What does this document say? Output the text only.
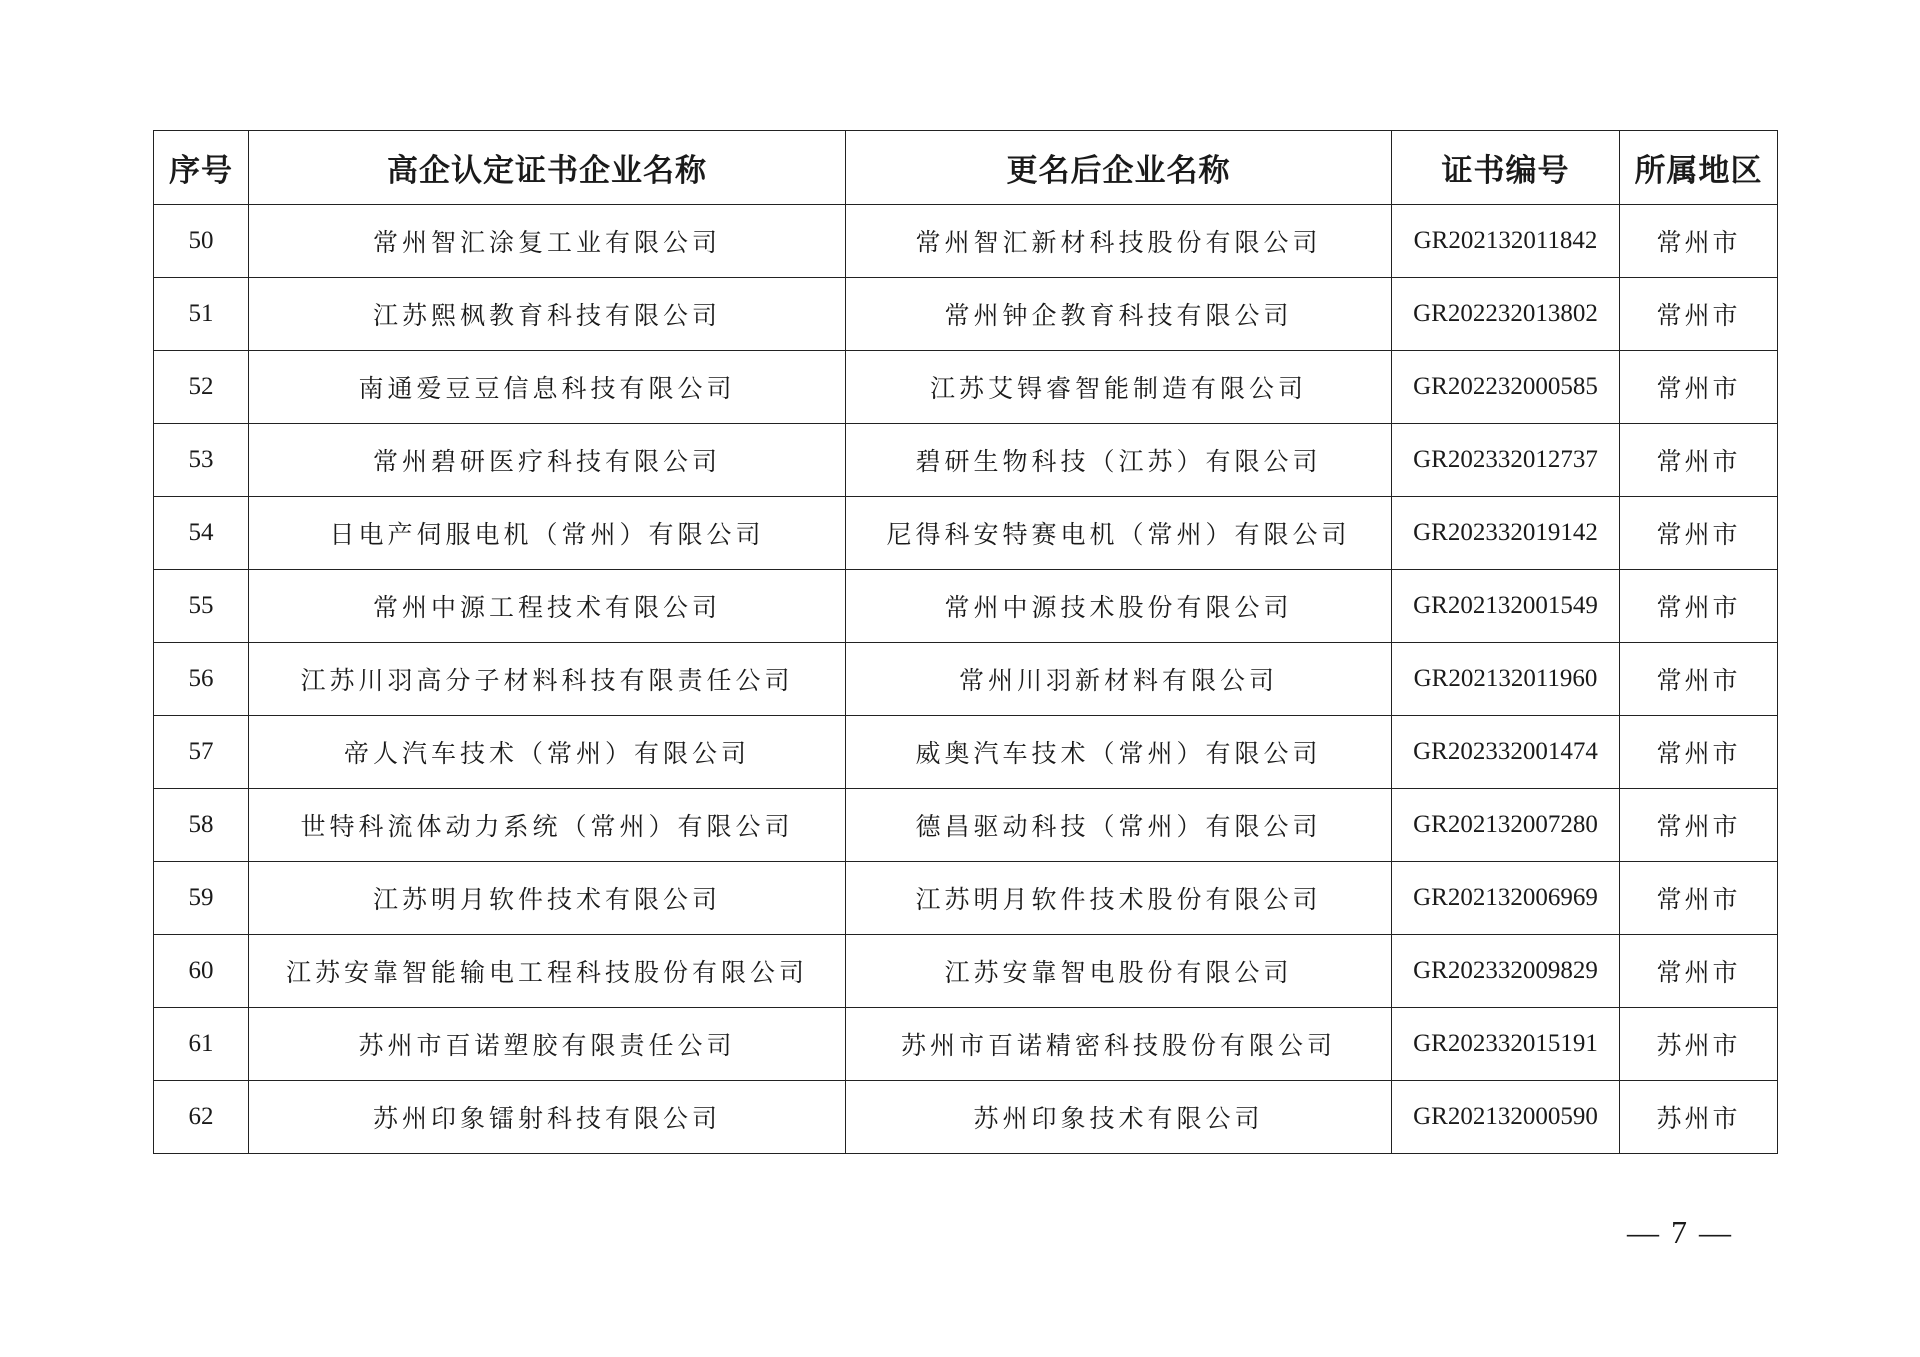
序号	高企认定证书企业名称	更名后企业名称	证书编号	所属地区
50	常州智汇涂复工业有限公司	常州智汇新材科技股份有限公司	GR202132011842	常州市
51	江苏熙枫教育科技有限公司	常州钟企教育科技有限公司	GR202232013802	常州市
52	南通爱豆豆信息科技有限公司	江苏艾锝睿智能制造有限公司	GR202232000585	常州市
53	常州碧研医疗科技有限公司	碧研生物科技（江苏）有限公司	GR202332012737	常州市
54	日电产伺服电机（常州）有限公司	尼得科安特赛电机（常州）有限公司	GR202332019142	常州市
55	常州中源工程技术有限公司	常州中源技术股份有限公司	GR202132001549	常州市
56	江苏川羽高分子材料科技有限责任公司	常州川羽新材料有限公司	GR202132011960	常州市
57	帝人汽车技术（常州）有限公司	威奥汽车技术（常州）有限公司	GR202332001474	常州市
58	世特科流体动力系统（常州）有限公司	德昌驱动科技（常州）有限公司	GR202132007280	常州市
59	江苏明月软件技术有限公司	江苏明月软件技术股份有限公司	GR202132006969	常州市
60	江苏安靠智能输电工程科技股份有限公司	江苏安靠智电股份有限公司	GR202332009829	常州市
61	苏州市百诺塑胶有限责任公司	苏州市百诺精密科技股份有限公司	GR202332015191	苏州市
62	苏州印象镭射科技有限公司	苏州印象技术有限公司	GR202132000590	苏州市
— 7 —
